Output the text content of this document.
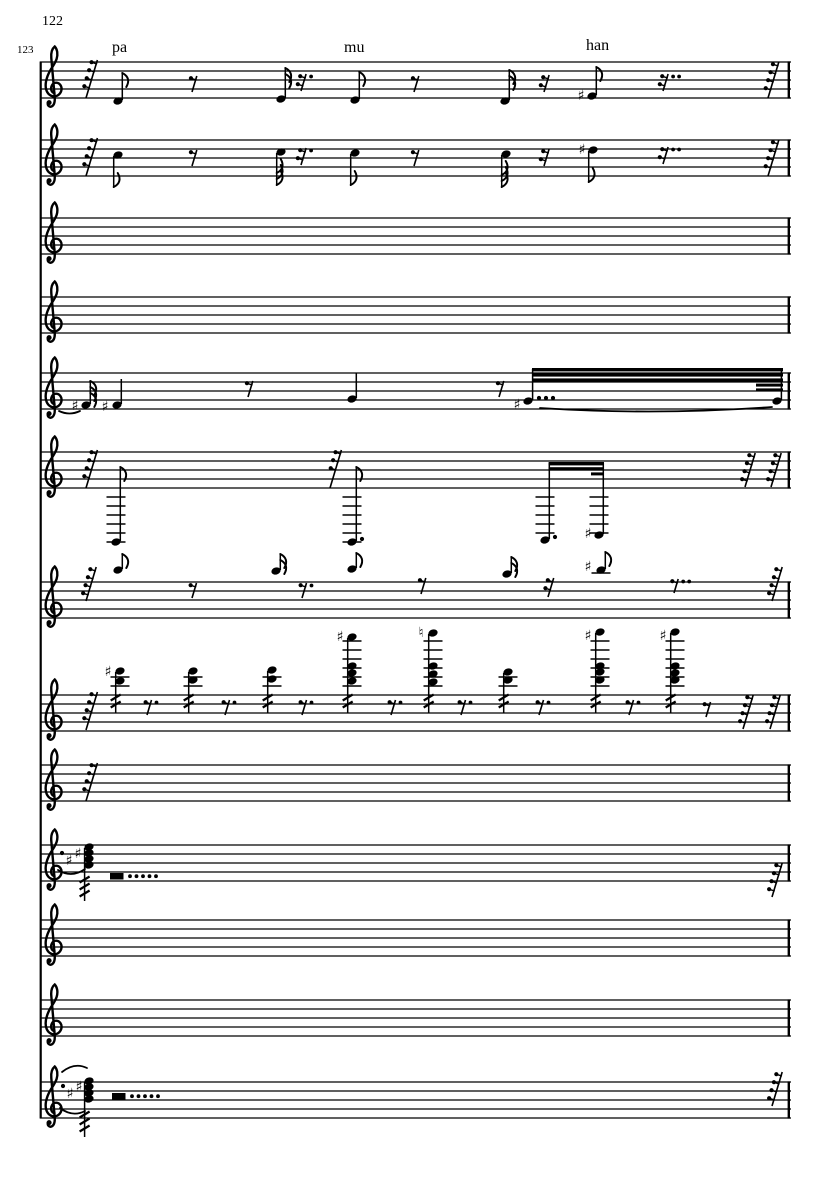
♯
♯
♯ ♯	♯
♯
♯
♯
♯	♮	♯	♯
♯ ♯
♯ ♯
122
123	pa	mu	han
